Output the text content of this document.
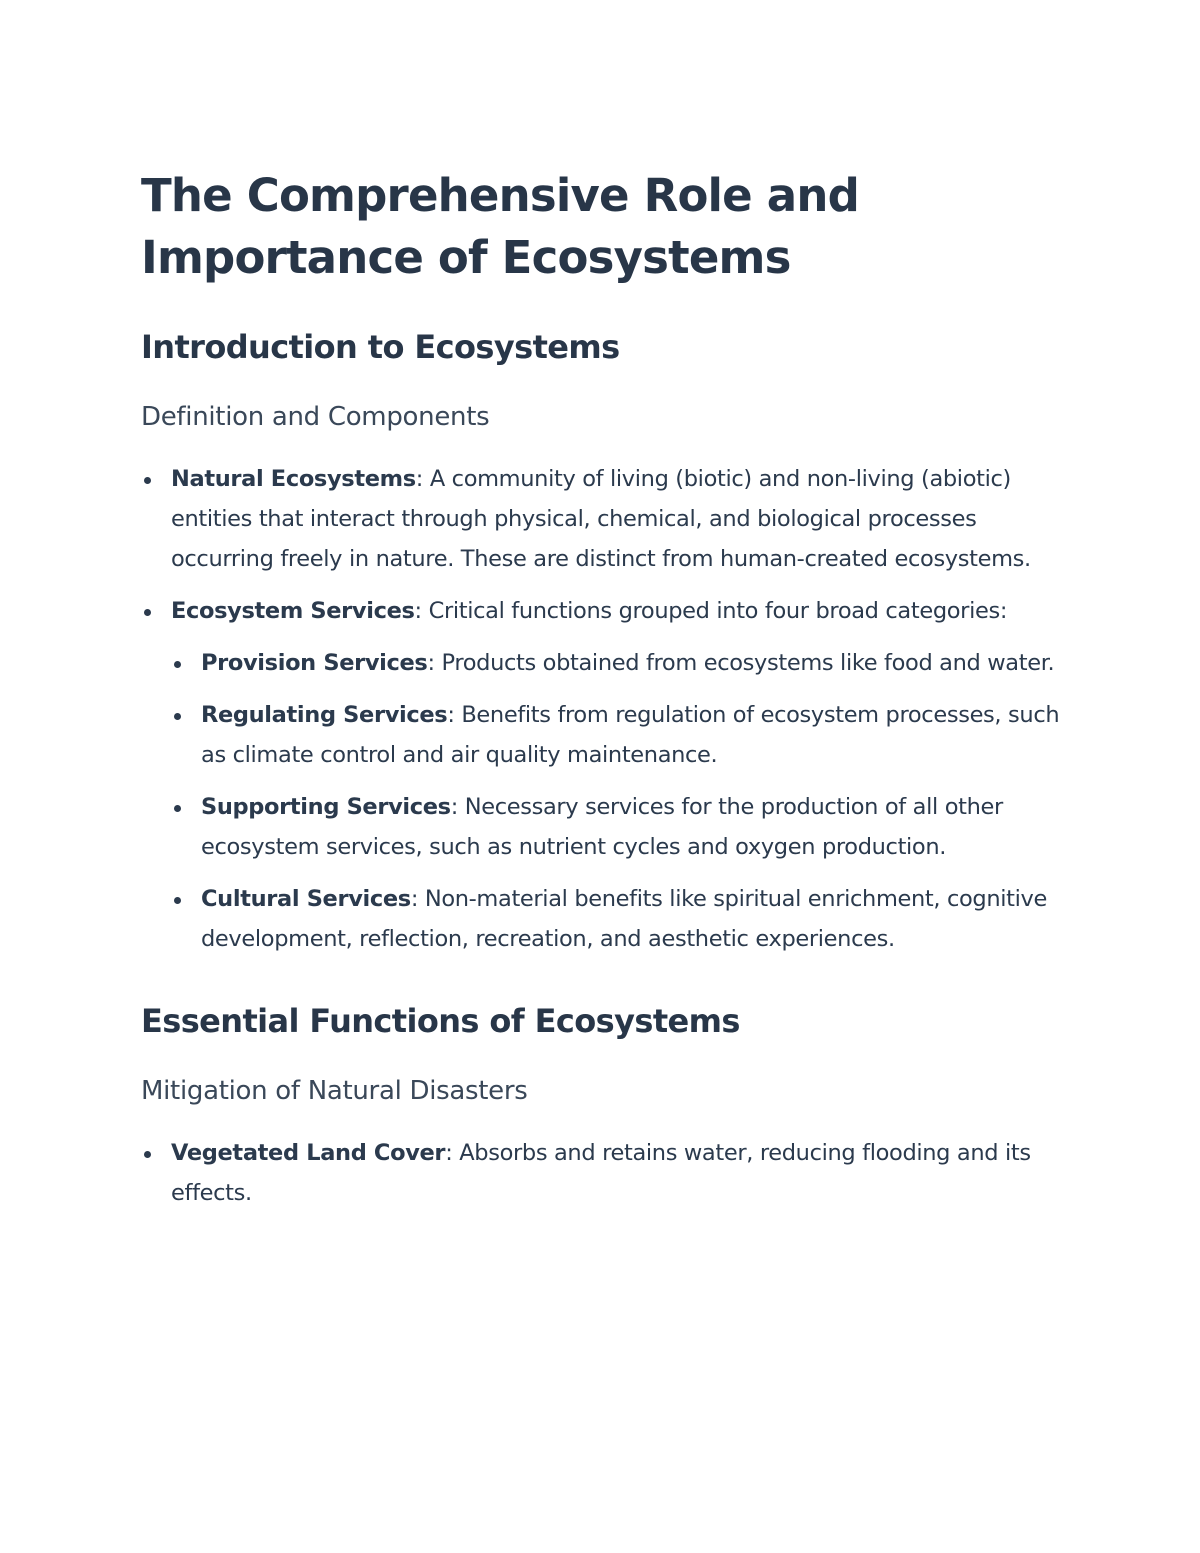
The Comprehensive Role and Importance of Ecosystems
Introduction to Ecosystems
Definition and Components
Natural Ecosystems: A community of living (biotic) and non-living (abiotic) entities that interact through physical, chemical, and biological processes occurring freely in nature. These are distinct from human-created ecosystems.
Ecosystem Services: Critical functions grouped into four broad categories:
Provision Services: Products obtained from ecosystems like food and water.
Regulating Services: Benefits from regulation of ecosystem processes, such as climate control and air quality maintenance.
Supporting Services: Necessary services for the production of all other ecosystem services, such as nutrient cycles and oxygen production.
Cultural Services: Non-material benefits like spiritual enrichment, cognitive development, reflection, recreation, and aesthetic experiences.
Essential Functions of Ecosystems
Mitigation of Natural Disasters
Vegetated Land Cover: Absorbs and retains water, reducing flooding and its effects.
